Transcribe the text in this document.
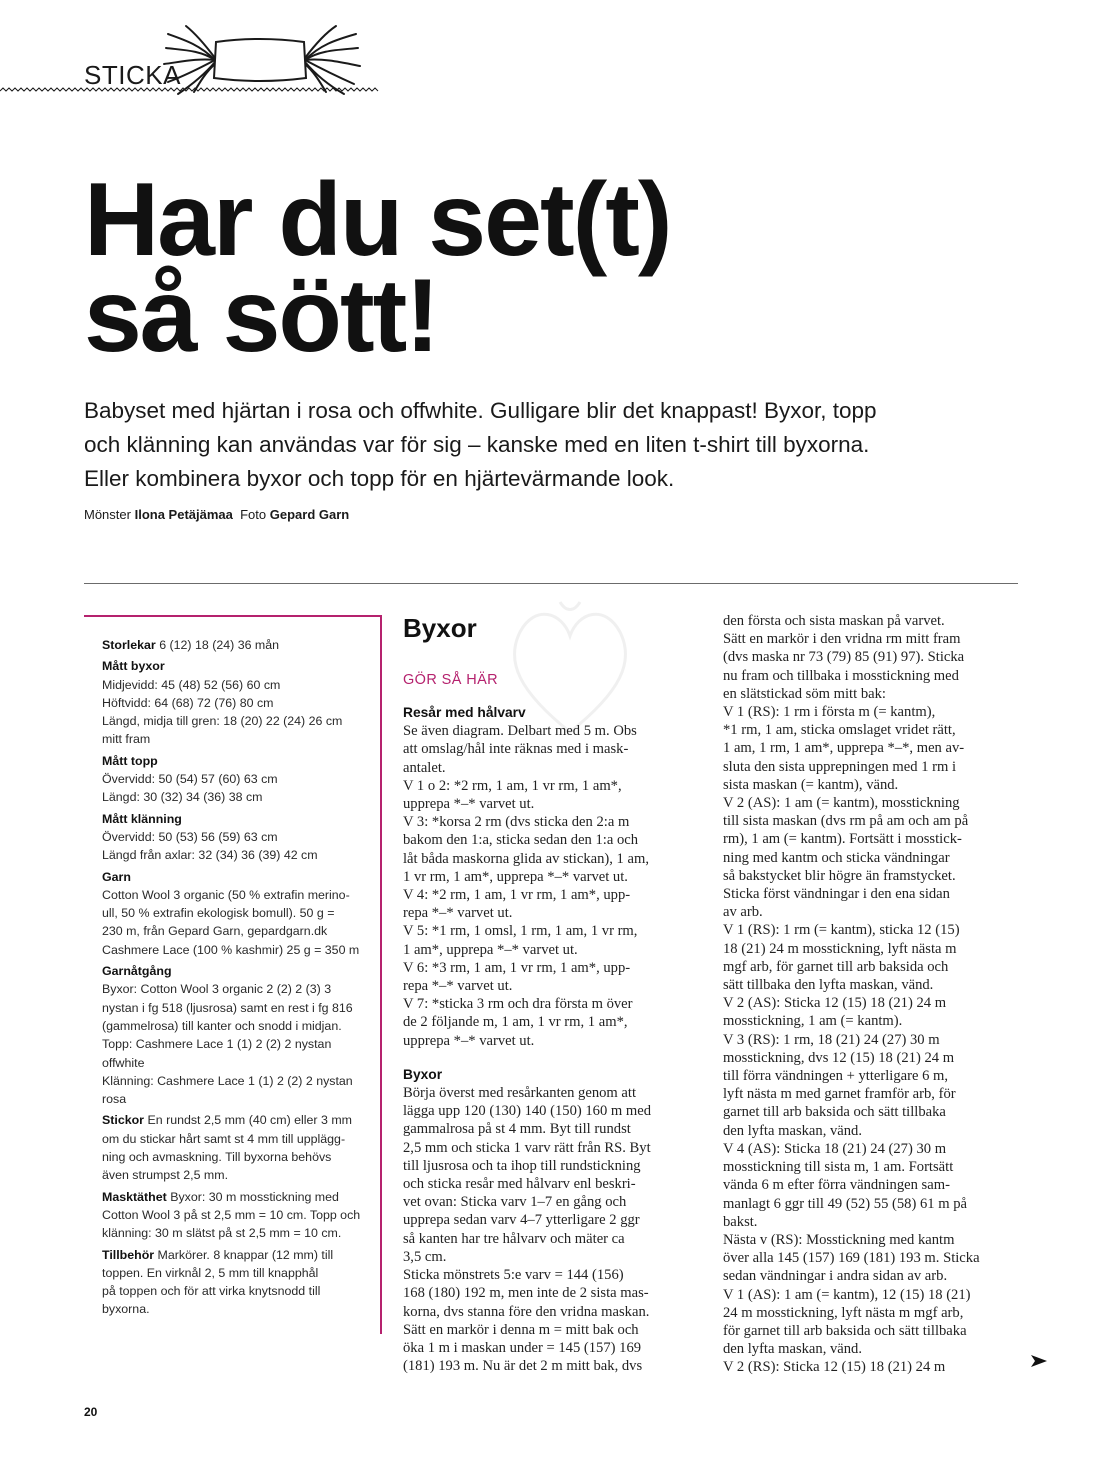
STICKA
Har du set(t)
så sött!
Babyset med hjärtan i rosa och offwhite. Gulligare blir det knappast! Byxor, topp
och klänning kan användas var för sig – kanske med en liten t-shirt till byxorna.
Eller kombinera byxor och topp för en hjärtevärmande look.
Mönster Ilona Petäjämaa Foto Gepard Garn
Storlekar 6 (12) 18 (24) 36 mån
Mått byxor
Midjevidd: 45 (48) 52 (56) 60 cm
Höftvidd: 64 (68) 72 (76) 80 cm
Längd, midja till gren: 18 (20) 22 (24) 26 cm
mitt fram
Mått topp
Övervidd: 50 (54) 57 (60) 63 cm
Längd: 30 (32) 34 (36) 38 cm
Mått klänning
Övervidd: 50 (53) 56 (59) 63 cm
Längd från axlar: 32 (34) 36 (39) 42 cm
Garn
Cotton Wool 3 organic (50 % extrafin merino-
ull, 50 % extrafin ekologisk bomull). 50 g =
230 m, från Gepard Garn, gepardgarn.dk
Cashmere Lace (100 % kashmir) 25 g = 350 m
Garnåtgång
Byxor: Cotton Wool 3 organic 2 (2) 2 (3) 3
nystan i fg 518 (ljusrosa) samt en rest i fg 816
(gammelrosa) till kanter och snodd i midjan.
Topp: Cashmere Lace 1 (1) 2 (2) 2 nystan
offwhite
Klänning: Cashmere Lace 1 (1) 2 (2) 2 nystan
rosa
Stickor En rundst 2,5 mm (40 cm) eller 3 mm
om du stickar hårt samt st 4 mm till upplägg-
ning och avmaskning. Till byxorna behövs
även strumpst 2,5 mm.
Masktäthet Byxor: 30 m mosstickning med
Cotton Wool 3 på st 2,5 mm = 10 cm. Topp och
klänning: 30 m slätst på st 2,5 mm = 10 cm.
Tillbehör Markörer. 8 knappar (12 mm) till
toppen. En virknål 2, 5 mm till knapphål
på toppen och för att virka knytsnodd till
byxorna.
Byxor
GÖR SÅ HÄR
Resår med hålvarv
Se även diagram. Delbart med 5 m. Obs
att omslag/hål inte räknas med i mask-
antalet.
V 1 o 2: *2 rm, 1 am, 1 vr rm, 1 am*,
upprepa *–* varvet ut.
V 3: *korsa 2 rm (dvs sticka den 2:a m
bakom den 1:a, sticka sedan den 1:a och
låt båda maskorna glida av stickan), 1 am,
1 vr rm, 1 am*, upprepa *–* varvet ut.
V 4: *2 rm, 1 am, 1 vr rm, 1 am*, upp-
repa *–* varvet ut.
V 5: *1 rm, 1 omsl, 1 rm, 1 am, 1 vr rm,
1 am*, upprepa *–* varvet ut.
V 6: *3 rm, 1 am, 1 vr rm, 1 am*, upp-
repa *–* varvet ut.
V 7: *sticka 3 rm och dra första m över
de 2 följande m, 1 am, 1 vr rm, 1 am*,
upprepa *–* varvet ut.
Byxor
Börja överst med resårkanten genom att
lägga upp 120 (130) 140 (150) 160 m med
gammalrosa på st 4 mm. Byt till rundst
2,5 mm och sticka 1 varv rätt från RS. Byt
till ljusrosa och ta ihop till rundstickning
och sticka resår med hålvarv enl beskri-
vet ovan: Sticka varv 1–7 en gång och
upprepa sedan varv 4–7 ytterligare 2 ggr
så kanten har tre hålvarv och mäter ca
3,5 cm.
Sticka mönstrets 5:e varv = 144 (156)
168 (180) 192 m, men inte de 2 sista mas-
korna, dvs stanna före den vridna maskan.
Sätt en markör i denna m = mitt bak och
öka 1 m i maskan under = 145 (157) 169
(181) 193 m. Nu är det 2 m mitt bak, dvs
den första och sista maskan på varvet.
Sätt en markör i den vridna rm mitt fram
(dvs maska nr 73 (79) 85 (91) 97). Sticka
nu fram och tillbaka i mosstickning med
en slätstickad söm mitt bak:
V 1 (RS): 1 rm i första m (= kantm),
*1 rm, 1 am, sticka omslaget vridet rätt,
1 am, 1 rm, 1 am*, upprepa *–*, men av-
sluta den sista upprepningen med 1 rm i
sista maskan (= kantm), vänd.
V 2 (AS): 1 am (= kantm), mosstickning
till sista maskan (dvs rm på am och am på
rm), 1 am (= kantm). Fortsätt i mosstick-
ning med kantm och sticka vändningar
så bakstycket blir högre än framstycket.
Sticka först vändningar i den ena sidan
av arb.
V 1 (RS): 1 rm (= kantm), sticka 12 (15)
18 (21) 24 m mosstickning, lyft nästa m
mgf arb, för garnet till arb baksida och
sätt tillbaka den lyfta maskan, vänd.
V 2 (AS): Sticka 12 (15) 18 (21) 24 m
mosstickning, 1 am (= kantm).
V 3 (RS): 1 rm, 18 (21) 24 (27) 30 m
mosstickning, dvs 12 (15) 18 (21) 24 m
till förra vändningen + ytterligare 6 m,
lyft nästa m med garnet framför arb, för
garnet till arb baksida och sätt tillbaka
den lyfta maskan, vänd.
V 4 (AS): Sticka 18 (21) 24 (27) 30 m
mosstickning till sista m, 1 am. Fortsätt
vända 6 m efter förra vändningen sam-
manlagt 6 ggr till 49 (52) 55 (58) 61 m på
bakst.
Nästa v (RS): Mosstickning med kantm
över alla 145 (157) 169 (181) 193 m. Sticka
sedan vändningar i andra sidan av arb.
V 1 (AS): 1 am (= kantm), 12 (15) 18 (21)
24 m mosstickning, lyft nästa m mgf arb,
för garnet till arb baksida och sätt tillbaka
den lyfta maskan, vänd.
V 2 (RS): Sticka 12 (15) 18 (21) 24 m
20
